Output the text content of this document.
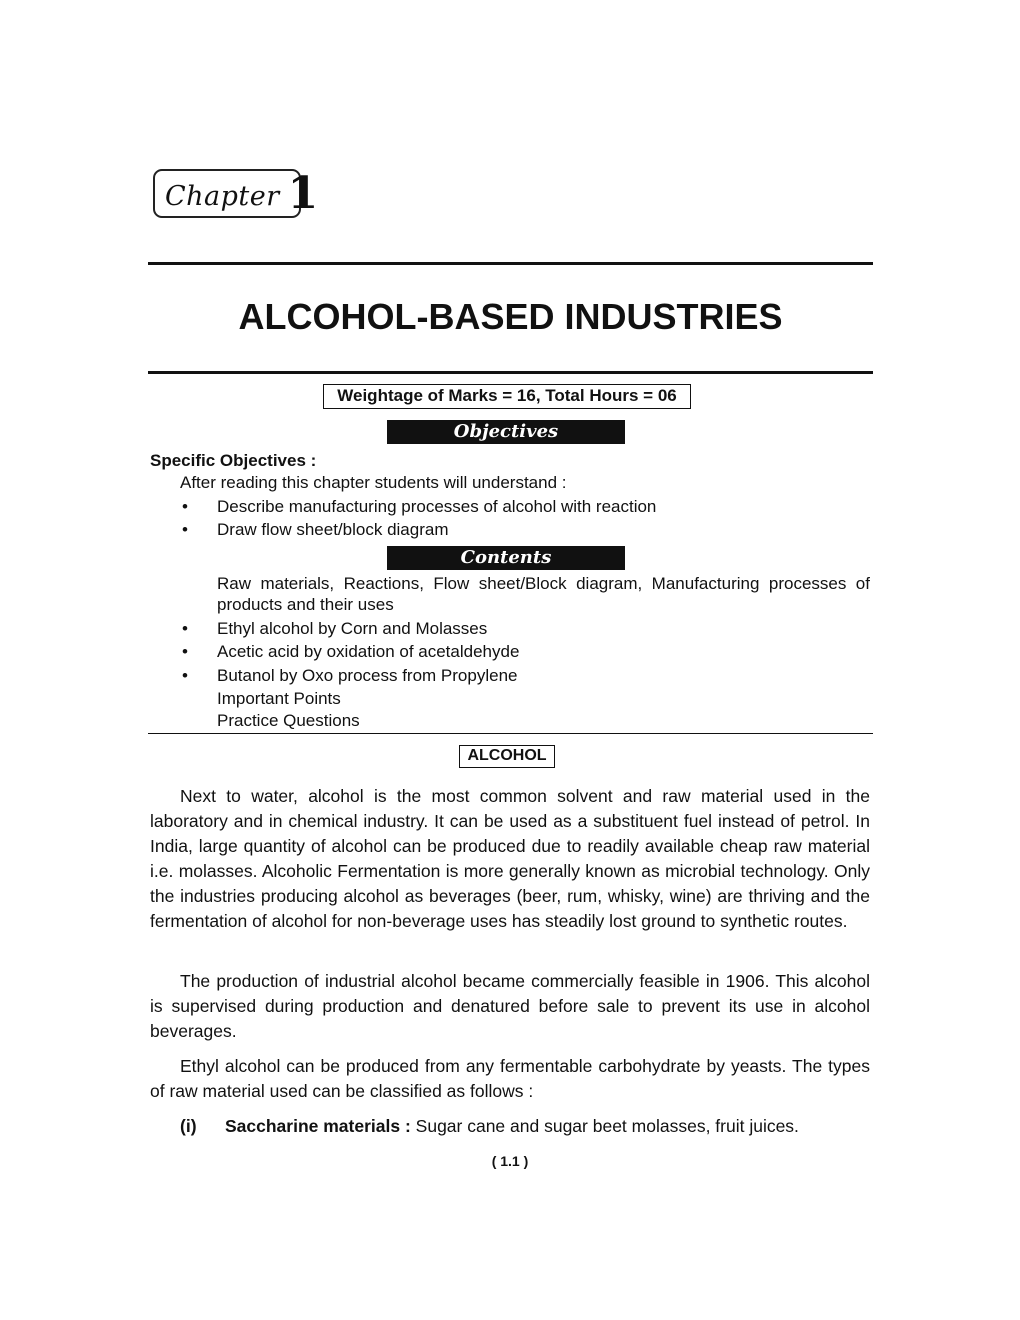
Chapter 1
ALCOHOL-BASED INDUSTRIES
Weightage of Marks = 16, Total Hours = 06
Objectives
Specific Objectives :
After reading this chapter students will understand :
• Describe manufacturing processes of alcohol with reaction
• Draw flow sheet/block diagram
Contents
Raw materials, Reactions, Flow sheet/Block diagram, Manufacturing processes of
products and their uses
• Ethyl alcohol by Corn and Molasses
• Acetic acid by oxidation of acetaldehyde
• Butanol by Oxo process from Propylene
Important Points
Practice Questions
ALCOHOL
Next to water, alcohol is the most common solvent and raw material used in the laboratory and in chemical industry. It can be used as a substituent fuel instead of petrol. In India, large quantity of alcohol can be produced due to readily available cheap raw material i.e. molasses. Alcoholic Fermentation is more generally known as microbial technology. Only the industries producing alcohol as beverages (beer, rum, whisky, wine) are thriving and the fermentation of alcohol for non-beverage uses has steadily lost ground to synthetic routes.
The production of industrial alcohol became commercially feasible in 1906. This alcohol is supervised during production and denatured before sale to prevent its use in alcohol beverages.
Ethyl alcohol can be produced from any fermentable carbohydrate by yeasts. The types of raw material used can be classified as follows :
(i) Saccharine materials : Sugar cane and sugar beet molasses, fruit juices.
( 1.1 )
